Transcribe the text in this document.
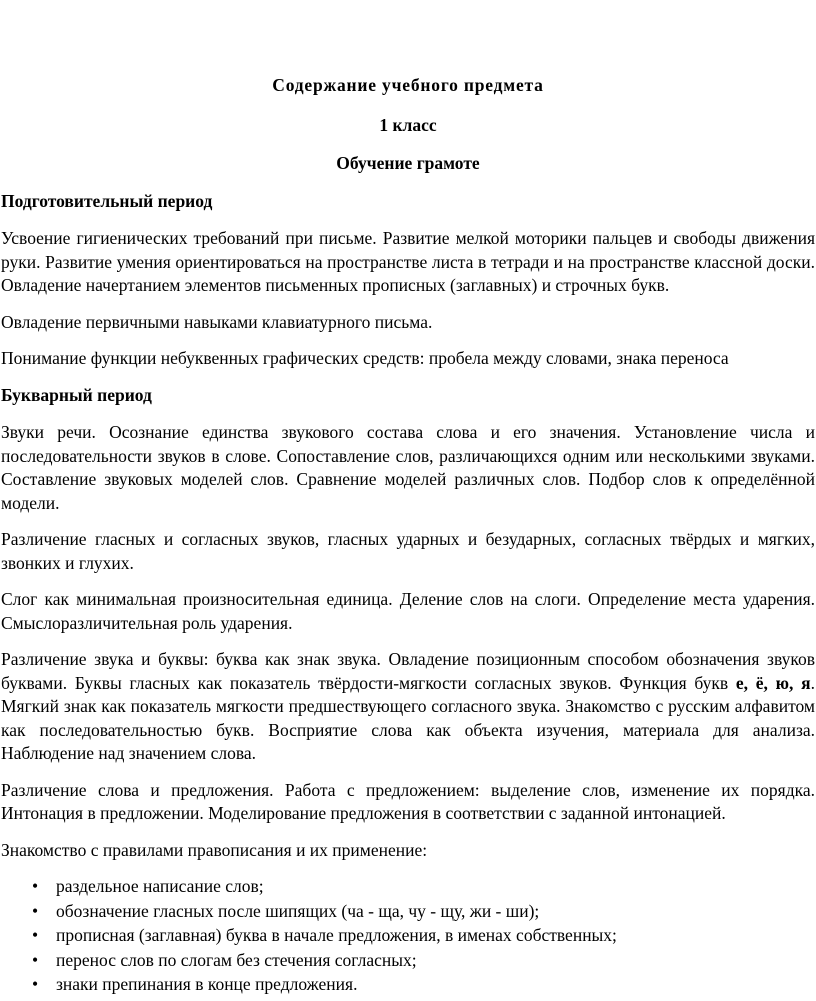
Содержание учебного предмета

1 класс

Обучение грамоте

Подготовительный период

Усвоение гигиенических требований при письме. Развитие мелкой моторики пальцев и свободы движения руки. Развитие умения ориентироваться на пространстве листа в тетради и на пространстве классной доски. Овладение начертанием элементов письменных прописных (заглавных) и строчных букв.

Овладение первичными навыками клавиатурного письма.

Понимание функции небуквенных графических средств: пробела между словами, знака переноса

Букварный период

Звуки речи. Осознание единства звукового состава слова и его значения. Установление числа и последовательности звуков в слове. Сопоставление слов, различающихся одним или несколькими звуками. Составление звуковых моделей слов. Сравнение моделей различных слов. Подбор слов к определённой модели.

Различение гласных и согласных звуков, гласных ударных и безударных, согласных твёрдых и мягких, звонких и глухих.

Слог как минимальная произносительная единица. Деление слов на слоги. Определение места ударения. Смыслоразличительная роль ударения.

Различение звука и буквы: буква как знак звука. Овладение позиционным способом обозначения звуков буквами. Буквы гласных как показатель твёрдости-мягкости согласных звуков. Функция букв е, ё, ю, я. Мягкий знак как показатель мягкости предшествующего согласного звука. Знакомство с русским алфавитом как последовательностью букв. Восприятие слова как объекта изучения, материала для анализа. Наблюдение над значением слова.

Различение слова и предложения. Работа с предложением: выделение слов, изменение их порядка. Интонация в предложении. Моделирование предложения в соответствии с заданной интонацией.

Знакомство с правилами правописания и их применение:

• раздельное написание слов;
• обозначение гласных после шипящих (ча - ща, чу - щу, жи - ши);
• прописная (заглавная) буква в начале предложения, в именах собственных;
• перенос слов по слогам без стечения согласных;
• знаки препинания в конце предложения.
